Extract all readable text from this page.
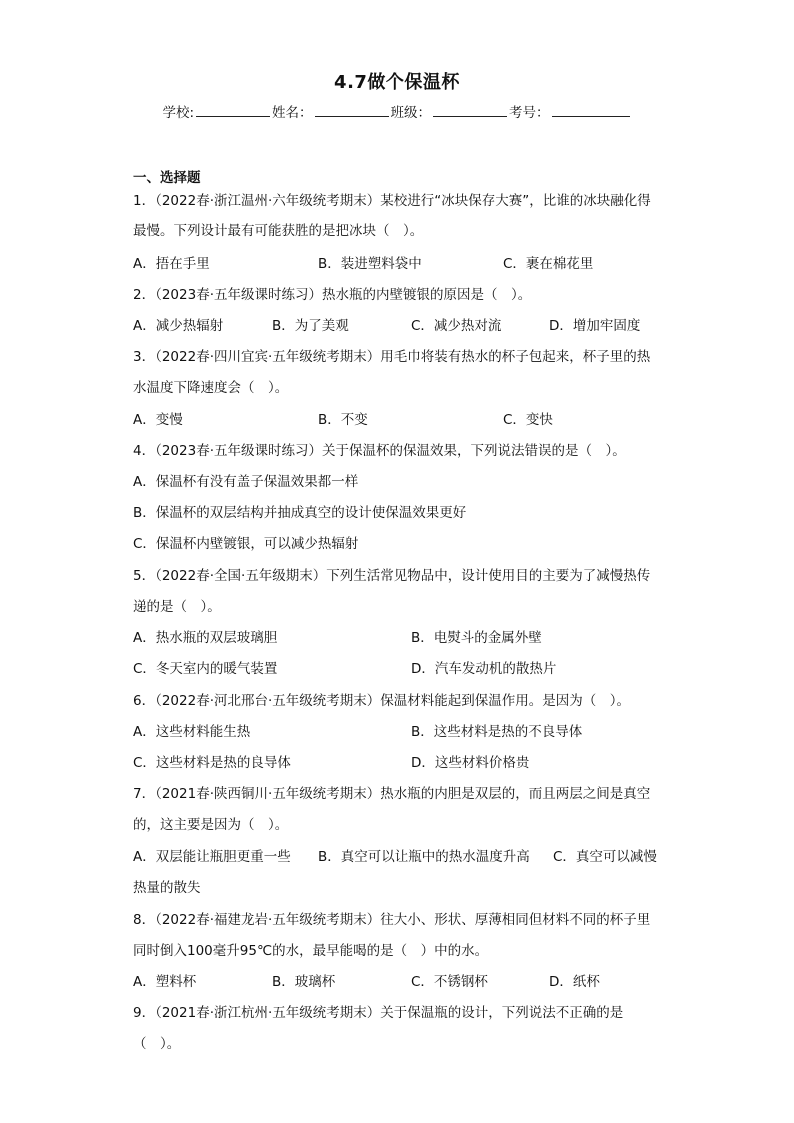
4.7做个保温杯
学校:	姓名：	班级：	考号：
一、选择题
1．（2022春·浙江温州·六年级统考期末）某校进行“冰块保存大赛”，比谁的冰块融化得
最慢。下列设计最有可能获胜的是把冰块（　）。
A．捂在手里	B．装进塑料袋中	C．裹在棉花里
2．（2023春·五年级课时练习）热水瓶的内壁镀银的原因是（　）。
A．减少热辐射	B．为了美观	C．减少热对流	D．增加牢固度
3．（2022春·四川宜宾·五年级统考期末）用毛巾将装有热水的杯子包起来，杯子里的热
水温度下降速度会（　）。
A．变慢	B．不变	C．变快
4．（2023春·五年级课时练习）关于保温杯的保温效果，下列说法错误的是（　）。
A．保温杯有没有盖子保温效果都一样
B．保温杯的双层结构并抽成真空的设计使保温效果更好
C．保温杯内壁镀银，可以减少热辐射
5．（2022春·全国·五年级期末）下列生活常见物品中，设计使用目的主要为了减慢热传
递的是（　）。
A．热水瓶的双层玻璃胆	B．电熨斗的金属外壁
C．冬天室内的暖气装置	D．汽车发动机的散热片
6．（2022春·河北邢台·五年级统考期末）保温材料能起到保温作用。是因为（　）。
A．这些材料能生热	B．这些材料是热的不良导体
C．这些材料是热的良导体	D．这些材料价格贵
7．（2021春·陕西铜川·五年级统考期末）热水瓶的内胆是双层的，而且两层之间是真空
的，这主要是因为（　）。
A．双层能让瓶胆更重一些 B．真空可以让瓶中的热水温度升高 C．真空可以减慢
热量的散失
8．（2022春·福建龙岩·五年级统考期末）往大小、形状、厚薄相同但材料不同的杯子里
同时倒入100毫升95℃的水，最早能喝的是（　）中的水。
A．塑料杯	B．玻璃杯	C．不锈钢杯	D．纸杯
9．（2021春·浙江杭州·五年级统考期末）关于保温瓶的设计，下列说法不正确的是
（　）。
